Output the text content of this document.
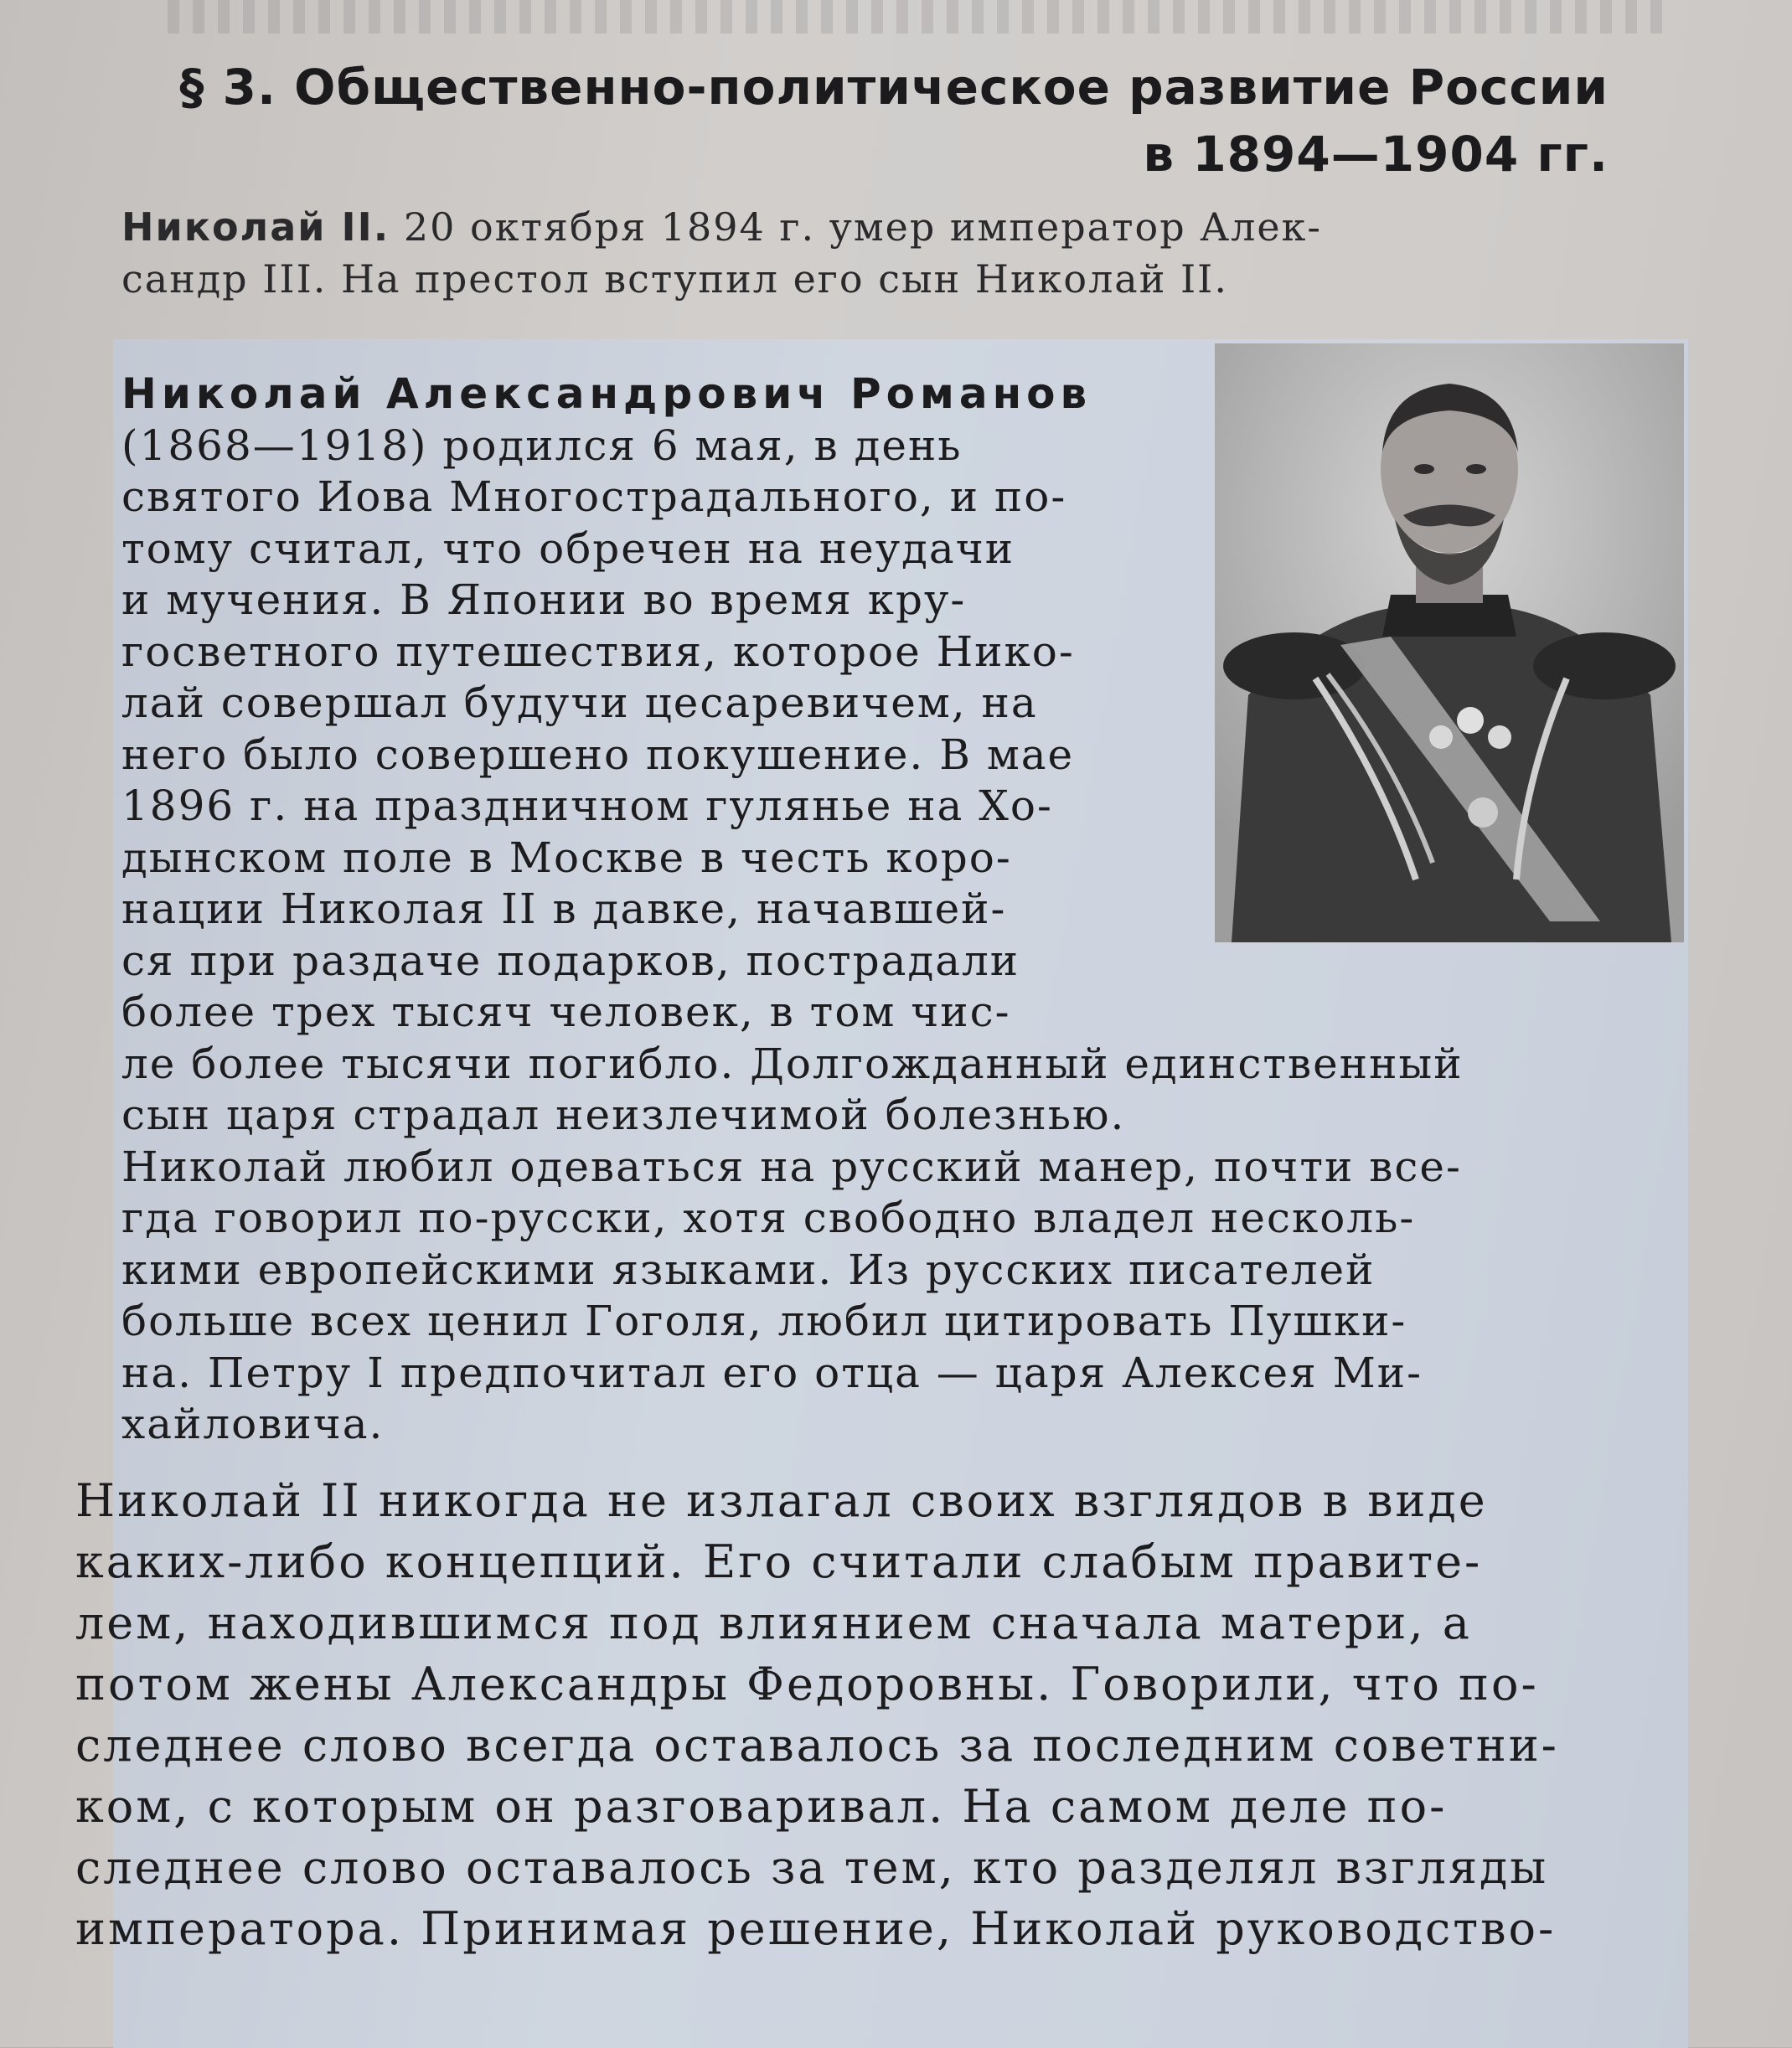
§ 3. Общественно-политическое развитие России
в 1894—1904 гг.
Николай II. 20 октября 1894 г. умер император Алек-
сандр III. На престол вступил его сын Николай II.
Николай Александрович Романов
(1868—1918) родился 6 мая, в день
святого Иова Многострадального, и по-
тому считал, что обречен на неудачи
и мучения. В Японии во время кру-
госветного путешествия, которое Нико-
лай совершал будучи цесаревичем, на
него было совершено покушение. В мае
1896 г. на праздничном гулянье на Хо-
дынском поле в Москве в честь коро-
нации Николая II в давке, начавшей-
ся при раздаче подарков, пострадали
более трех тысяч человек, в том чис-
ле более тысячи погибло. Долгожданный единственный
сын царя страдал неизлечимой болезнью.
Николай любил одеваться на русский манер, почти все-
гда говорил по-русски, хотя свободно владел несколь-
кими европейскими языками. Из русских писателей
больше всех ценил Гоголя, любил цитировать Пушки-
на. Петру I предпочитал его отца — царя Алексея Ми-
хайловича.
Николай II никогда не излагал своих взглядов в виде
каких-либо концепций. Его считали слабым правите-
лем, находившимся под влиянием сначала матери, а
потом жены Александры Федоровны. Говорили, что по-
следнее слово всегда оставалось за последним советни-
ком, с которым он разговаривал. На самом деле по-
следнее слово оставалось за тем, кто разделял взгляды
императора. Принимая решение, Николай руководство-
